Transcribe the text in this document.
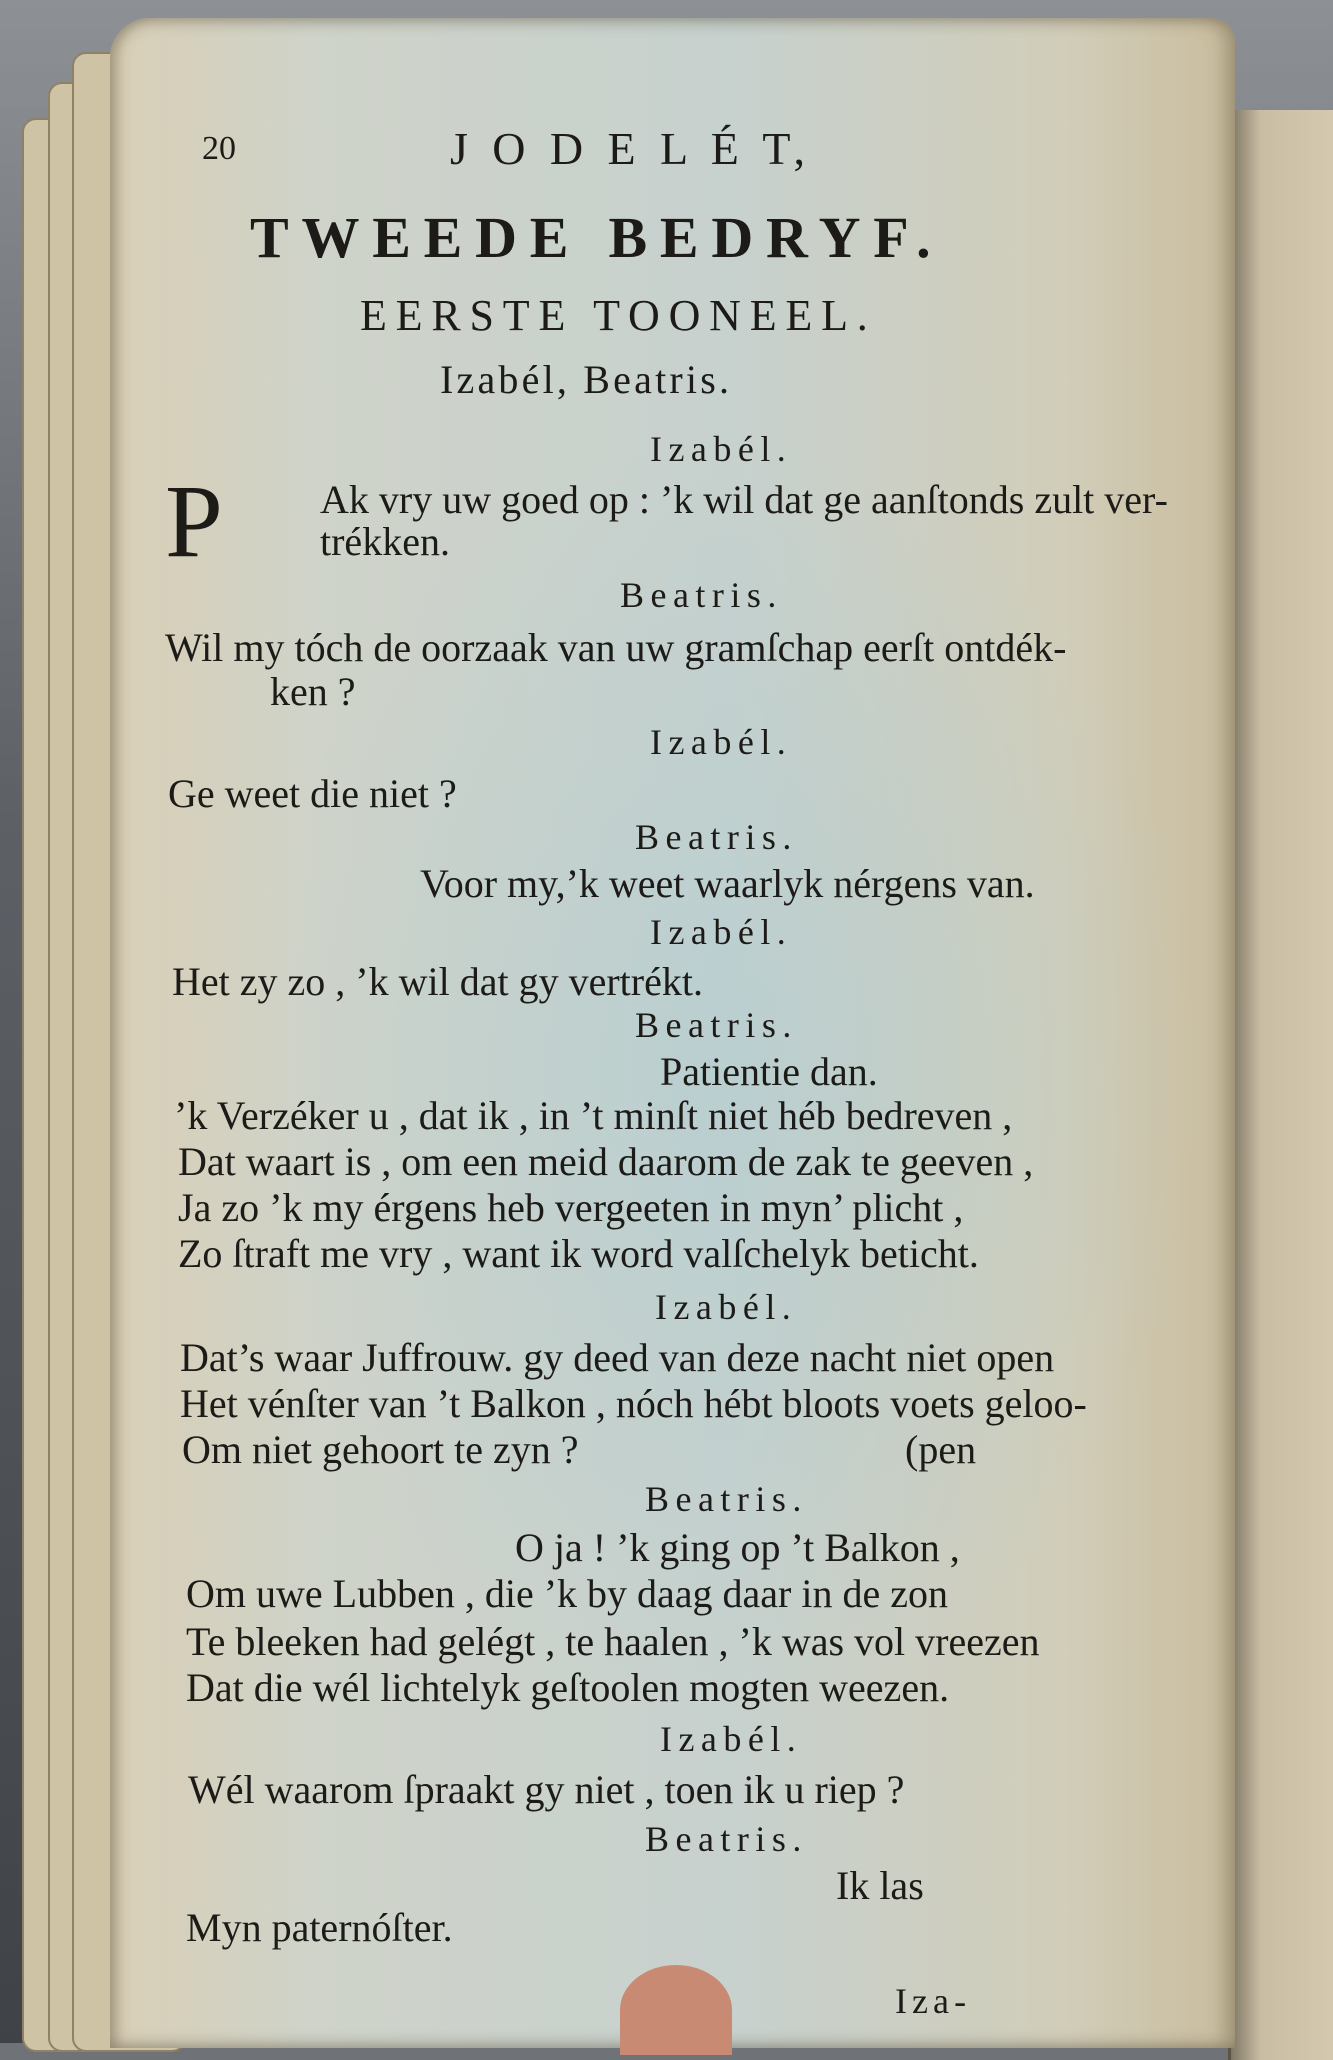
20	J O D E L É T,
TWEEDE BEDRYF.
EERSTE TOONEEL.
Izabél, Beatris.
Izabél.
P Ak vry uw goed op : ’k wil dat ge aanſtonds zult ver-
trékken.
Beatris.
Wil my tóch de oorzaak van uw gramſchap eerſt ontdék-
ken ?
Izabél.
Ge weet die niet ?
Beatris.
Voor my,’k weet waarlyk nérgens van.
Izabél.
Het zy zo , ’k wil dat gy vertrékt.
Beatris.
Patientie dan.
’k Verzéker u , dat ik , in ’t minſt niet héb bedreven ,
Dat waart is , om een meid daarom de zak te geeven ,
Ja zo ’k my érgens heb vergeeten in myn’ plicht ,
Zo ſtraft me vry , want ik word valſchelyk beticht.
Izabél.
Dat’s waar Juffrouw. gy deed van deze nacht niet open
Het vénſter van ’t Balkon , nóch hébt bloots voets geloo-
Om niet gehoort te zyn ?	(pen
Beatris.
O ja ! ’k ging op ’t Balkon ,
Om uwe Lubben , die ’k by daag daar in de zon
Te bleeken had gelégt , te haalen , ’k was vol vreezen
Dat die wél lichtelyk geſtoolen mogten weezen.
Izabél.
Wél waarom ſpraakt gy niet , toen ik u riep ?
Beatris.
Ik las
Myn paternóſter.
Iza-
